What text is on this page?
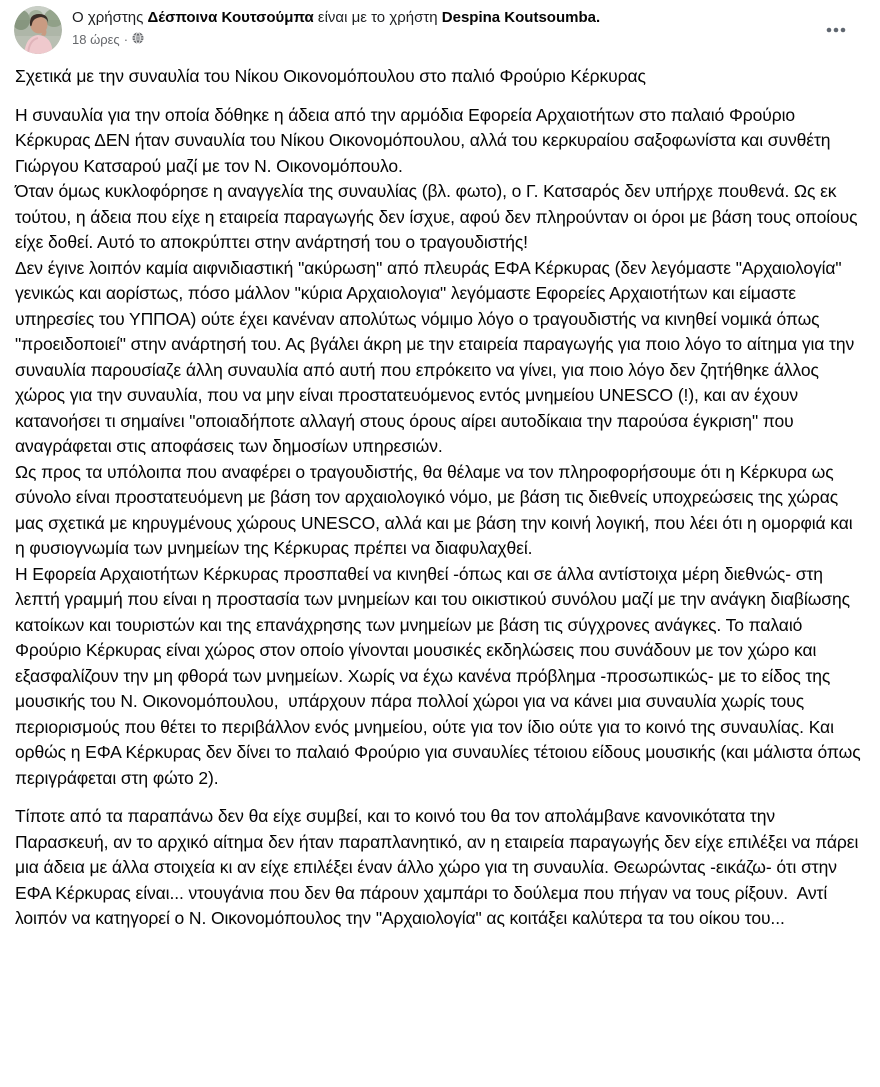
Ο χρήστης Δέσποινα Κουτσούμπα είναι με το χρήστη Despina Koutsoumba.
18 ώρες ·

Σχετικά με την συναυλία του Νίκου Οικονομόπουλου στο παλιό Φρούριο Κέρκυρας

Η συναυλία για την οποία δόθηκε η άδεια από την αρμόδια Εφορεία Αρχαιοτήτων στο παλαιό Φρούριο Κέρκυρας ΔΕΝ ήταν συναυλία του Νίκου Οικονομόπουλου, αλλά του κερκυραίου σαξοφωνίστα και συνθέτη Γιώργου Κατσαρού μαζί με τον Ν. Οικονομόπουλο.

Όταν όμως κυκλοφόρησε η αναγγελία της συναυλίας (βλ. φωτο), ο Γ. Κατσαρός δεν υπήρχε πουθενά. Ως εκ τούτου, η άδεια που είχε η εταιρεία παραγωγής δεν ίσχυε, αφού δεν πληρούνταν οι όροι με βάση τους οποίους είχε δοθεί. Αυτό το αποκρύπτει στην ανάρτησή του ο τραγουδιστής!

Δεν έγινε λοιπόν καμία αιφνιδιαστική "ακύρωση" από πλευράς ΕΦΑ Κέρκυρας (δεν λεγόμαστε "Αρχαιολογία" γενικώς και αορίστως, πόσο μάλλον "κύρια Αρχαιολογια" λεγόμαστε Εφορείες Αρχαιοτήτων και είμαστε υπηρεσίες του ΥΠΠΟΑ) ούτε έχει κανέναν απολύτως νόμιμο λόγο ο τραγουδιστής να κινηθεί νομικά όπως "προειδοποιεί" στην ανάρτησή του. Ας βγάλει άκρη με την εταιρεία παραγωγής για ποιο λόγο το αίτημα για την συναυλία παρουσίαζε άλλη συναυλία από αυτή που επρόκειτο να γίνει, για ποιο λόγο δεν ζητήθηκε άλλος χώρος για την συναυλία, που να μην είναι προστατευόμενος εντός μνημείου UNESCO (!), και αν έχουν κατανοήσει τι σημαίνει "οποιαδήποτε αλλαγή στους όρους αίρει αυτοδίκαια την παρούσα έγκριση" που αναγράφεται στις αποφάσεις των δημοσίων υπηρεσιών.

Ως προς τα υπόλοιπα που αναφέρει ο τραγουδιστής, θα θέλαμε να τον πληροφορήσουμε ότι η Κέρκυρα ως σύνολο είναι προστατευόμενη με βάση τον αρχαιολογικό νόμο, με βάση τις διεθνείς υποχρεώσεις της χώρας μας σχετικά με κηρυγμένους χώρους UNESCO, αλλά και με βάση την κοινή λογική, που λέει ότι η ομορφιά και η φυσιογνωμία των μνημείων της Κέρκυρας πρέπει να διαφυλαχθεί.

Η Εφορεία Αρχαιοτήτων Κέρκυρας προσπαθεί να κινηθεί -όπως και σε άλλα αντίστοιχα μέρη διεθνώς- στη λεπτή γραμμή που είναι η προστασία των μνημείων και του οικιστικού συνόλου μαζί με την ανάγκη διαβίωσης κατοίκων και τουριστών και της επανάχρησης των μνημείων με βάση τις σύγχρονες ανάγκες. Το παλαιό Φρούριο Κέρκυρας είναι χώρος στον οποίο γίνονται μουσικές εκδηλώσεις που συνάδουν με τον χώρο και εξασφαλίζουν την μη φθορά των μνημείων. Χωρίς να έχω κανένα πρόβλημα -προσωπικώς- με το είδος της μουσικής του Ν. Οικονομόπουλου,  υπάρχουν πάρα πολλοί χώροι για να κάνει μια συναυλία χωρίς τους περιορισμούς που θέτει το περιβάλλον ενός μνημείου, ούτε για τον ίδιο ούτε για το κοινό της συναυλίας. Και ορθώς η ΕΦΑ Κέρκυρας δεν δίνει το παλαιό Φρούριο για συναυλίες τέτοιου είδους μουσικής (και μάλιστα όπως περιγράφεται στη φώτο 2).

Τίποτε από τα παραπάνω δεν θα είχε συμβεί, και το κοινό του θα τον απολάμβανε κανονικότατα την Παρασκευή, αν το αρχικό αίτημα δεν ήταν παραπλανητικό, αν η εταιρεία παραγωγής δεν είχε επιλέξει να πάρει μια άδεια με άλλα στοιχεία κι αν είχε επιλέξει έναν άλλο χώρο για τη συναυλία. Θεωρώντας -εικάζω- ότι στην ΕΦΑ Κέρκυρας είναι... ντουγάνια που δεν θα πάρουν χαμπάρι το δούλεμα που πήγαν να τους ρίξουν.  Αντί λοιπόν να κατηγορεί ο Ν. Οικονομόπουλος την "Αρχαιολογία" ας κοιτάξει καλύτερα τα του οίκου του...
